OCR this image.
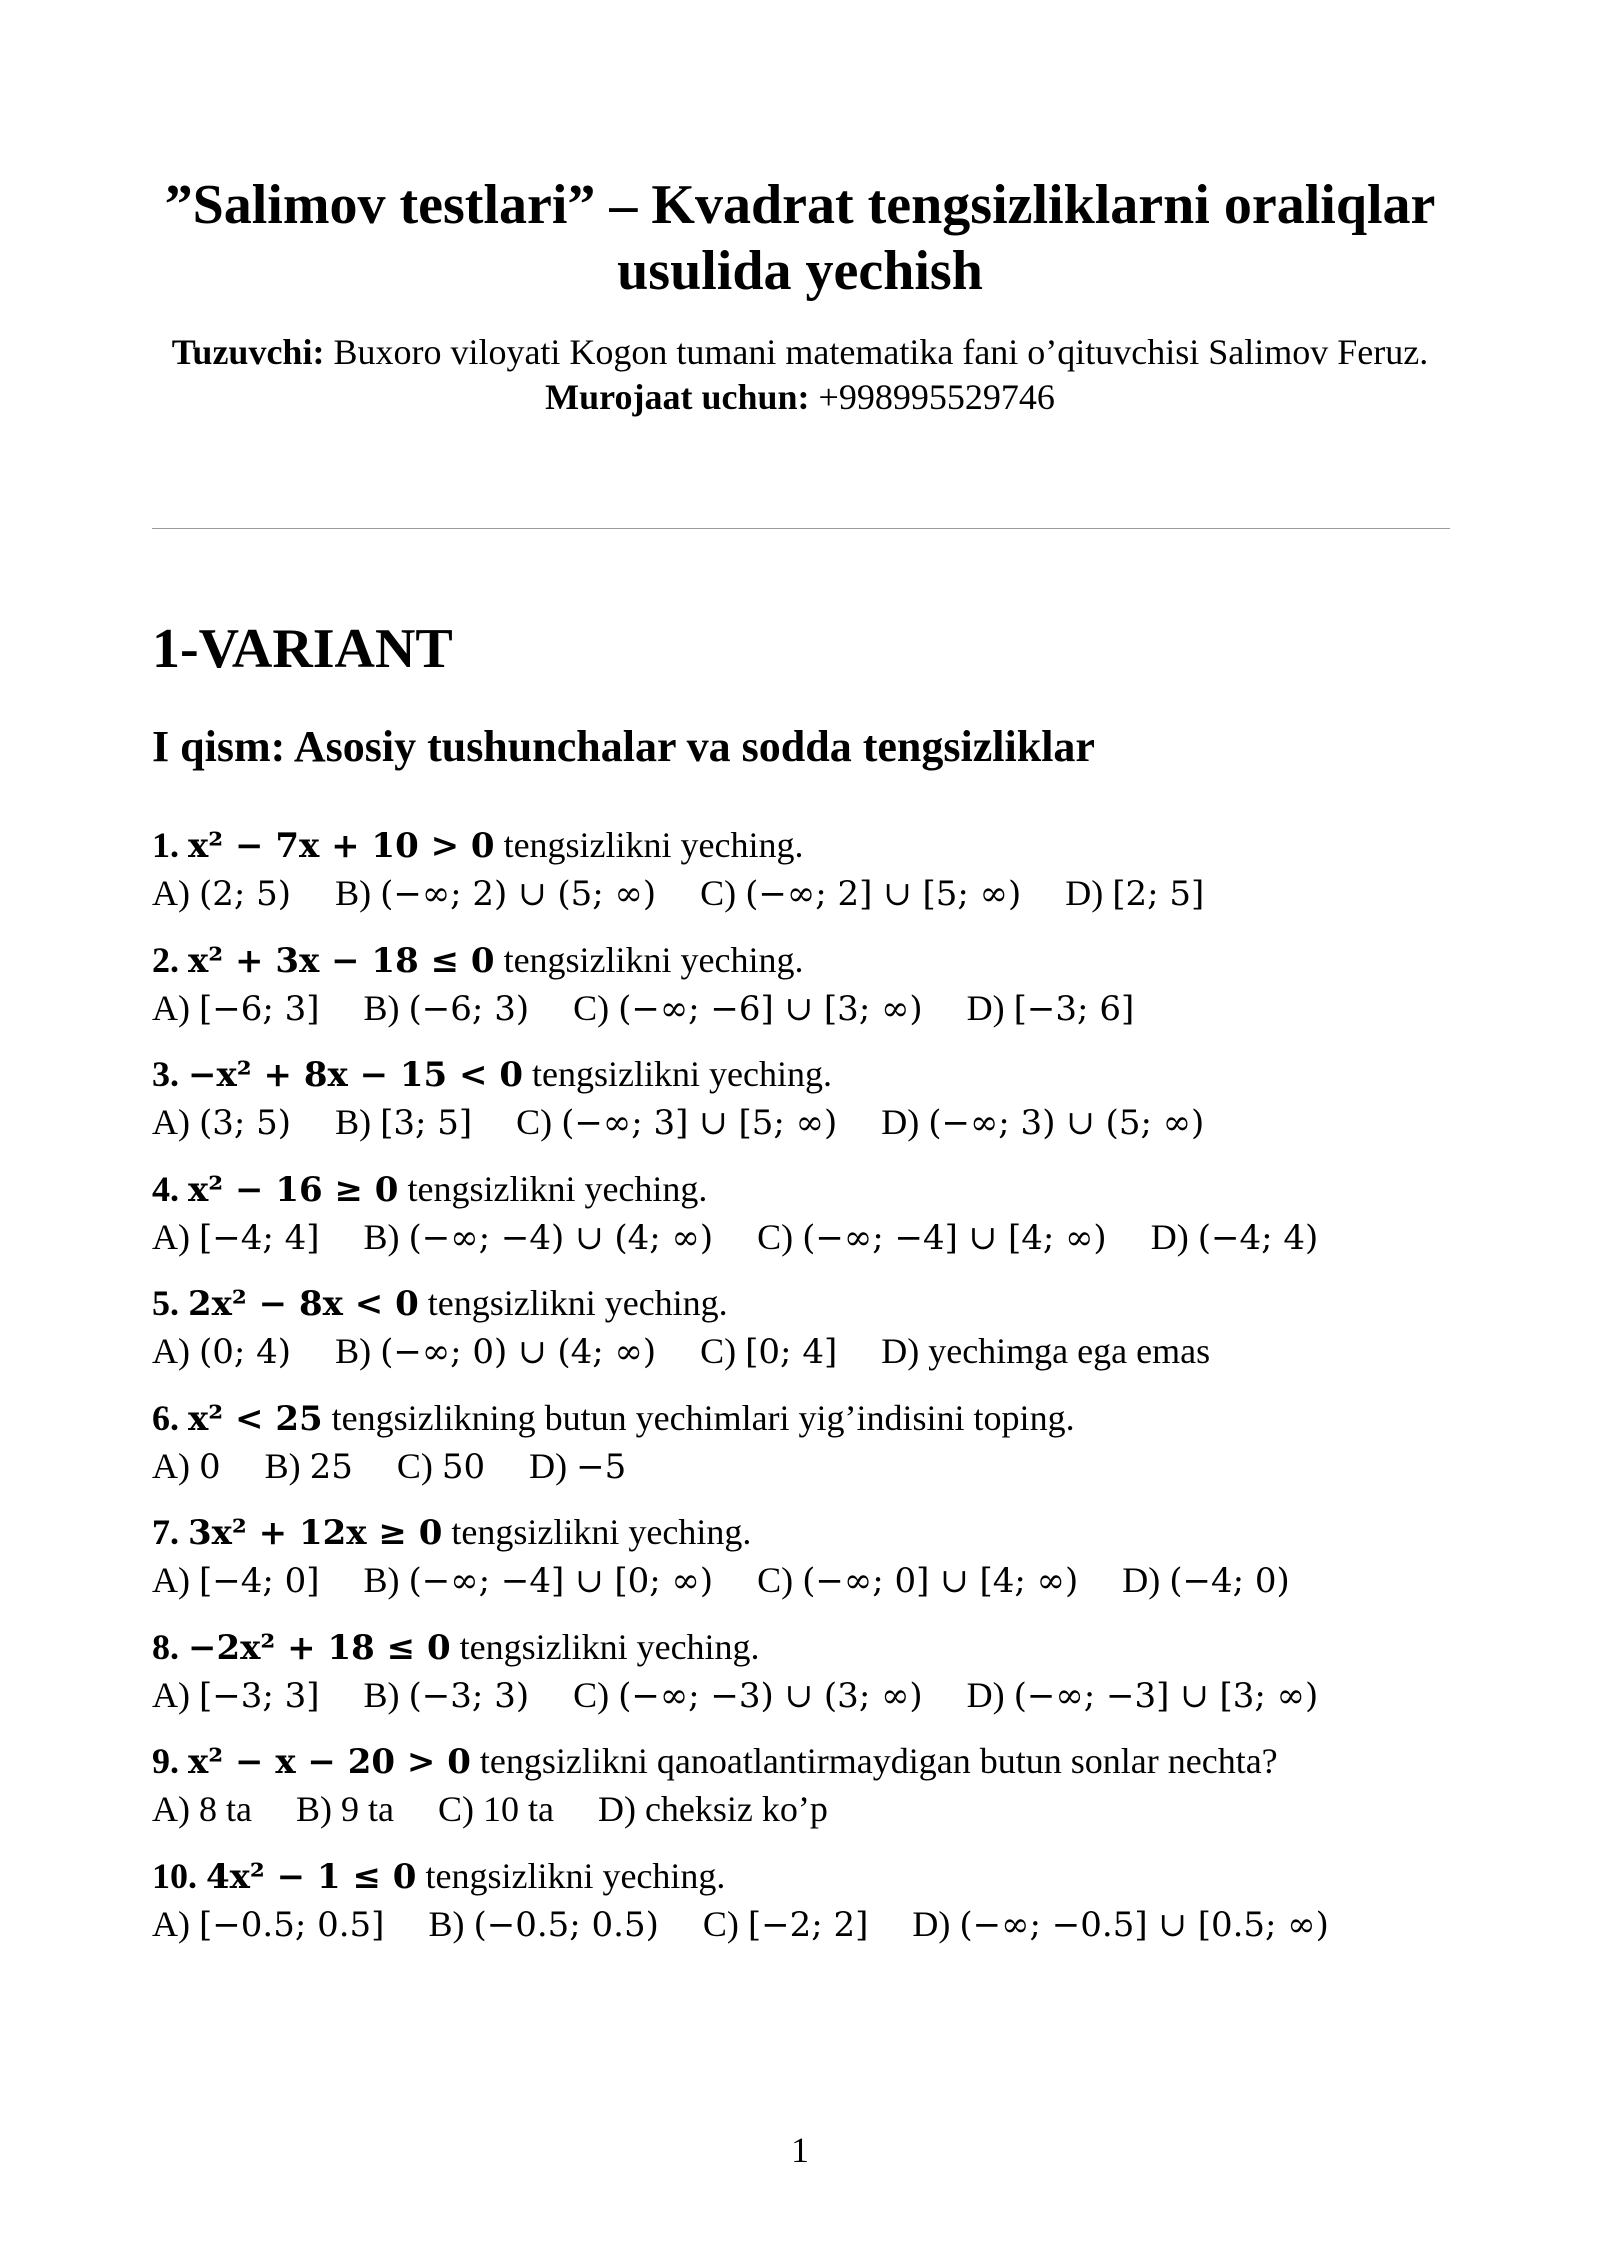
”Salimov testlari” – Kvadrat tengsizliklarni oraliqlar usulida yechish
Tuzuvchi: Buxoro viloyati Kogon tumani matematika fani o’qituvchisi Salimov Feruz.
Murojaat uchun: +998995529746
1-VARIANT
I qism: Asosiy tushunchalar va sodda tengsizliklar
1. x² − 7x + 10 > 0 tengsizlikni yeching.
A) (2; 5) B) (−∞; 2) ∪ (5; ∞) C) (−∞; 2] ∪ [5; ∞) D) [2; 5]
2. x² + 3x − 18 ≤ 0 tengsizlikni yeching.
A) [−6; 3] B) (−6; 3) C) (−∞; −6] ∪ [3; ∞) D) [−3; 6]
3. −x² + 8x − 15 < 0 tengsizlikni yeching.
A) (3; 5) B) [3; 5] C) (−∞; 3] ∪ [5; ∞) D) (−∞; 3) ∪ (5; ∞)
4. x² − 16 ≥ 0 tengsizlikni yeching.
A) [−4; 4] B) (−∞; −4) ∪ (4; ∞) C) (−∞; −4] ∪ [4; ∞) D) (−4; 4)
5. 2x² − 8x < 0 tengsizlikni yeching.
A) (0; 4) B) (−∞; 0) ∪ (4; ∞) C) [0; 4] D) yechimga ega emas
6. x² < 25 tengsizlikning butun yechimlari yig’indisini toping.
A) 0 B) 25 C) 50 D) −5
7. 3x² + 12x ≥ 0 tengsizlikni yeching.
A) [−4; 0] B) (−∞; −4] ∪ [0; ∞) C) (−∞; 0] ∪ [4; ∞) D) (−4; 0)
8. −2x² + 18 ≤ 0 tengsizlikni yeching.
A) [−3; 3] B) (−3; 3) C) (−∞; −3) ∪ (3; ∞) D) (−∞; −3] ∪ [3; ∞)
9. x² − x − 20 > 0 tengsizlikni qanoatlantirmaydigan butun sonlar nechta?
A) 8 ta B) 9 ta C) 10 ta D) cheksiz ko’p
10. 4x² − 1 ≤ 0 tengsizlikni yeching.
A) [−0.5; 0.5] B) (−0.5; 0.5) C) [−2; 2] D) (−∞; −0.5] ∪ [0.5; ∞)
1
